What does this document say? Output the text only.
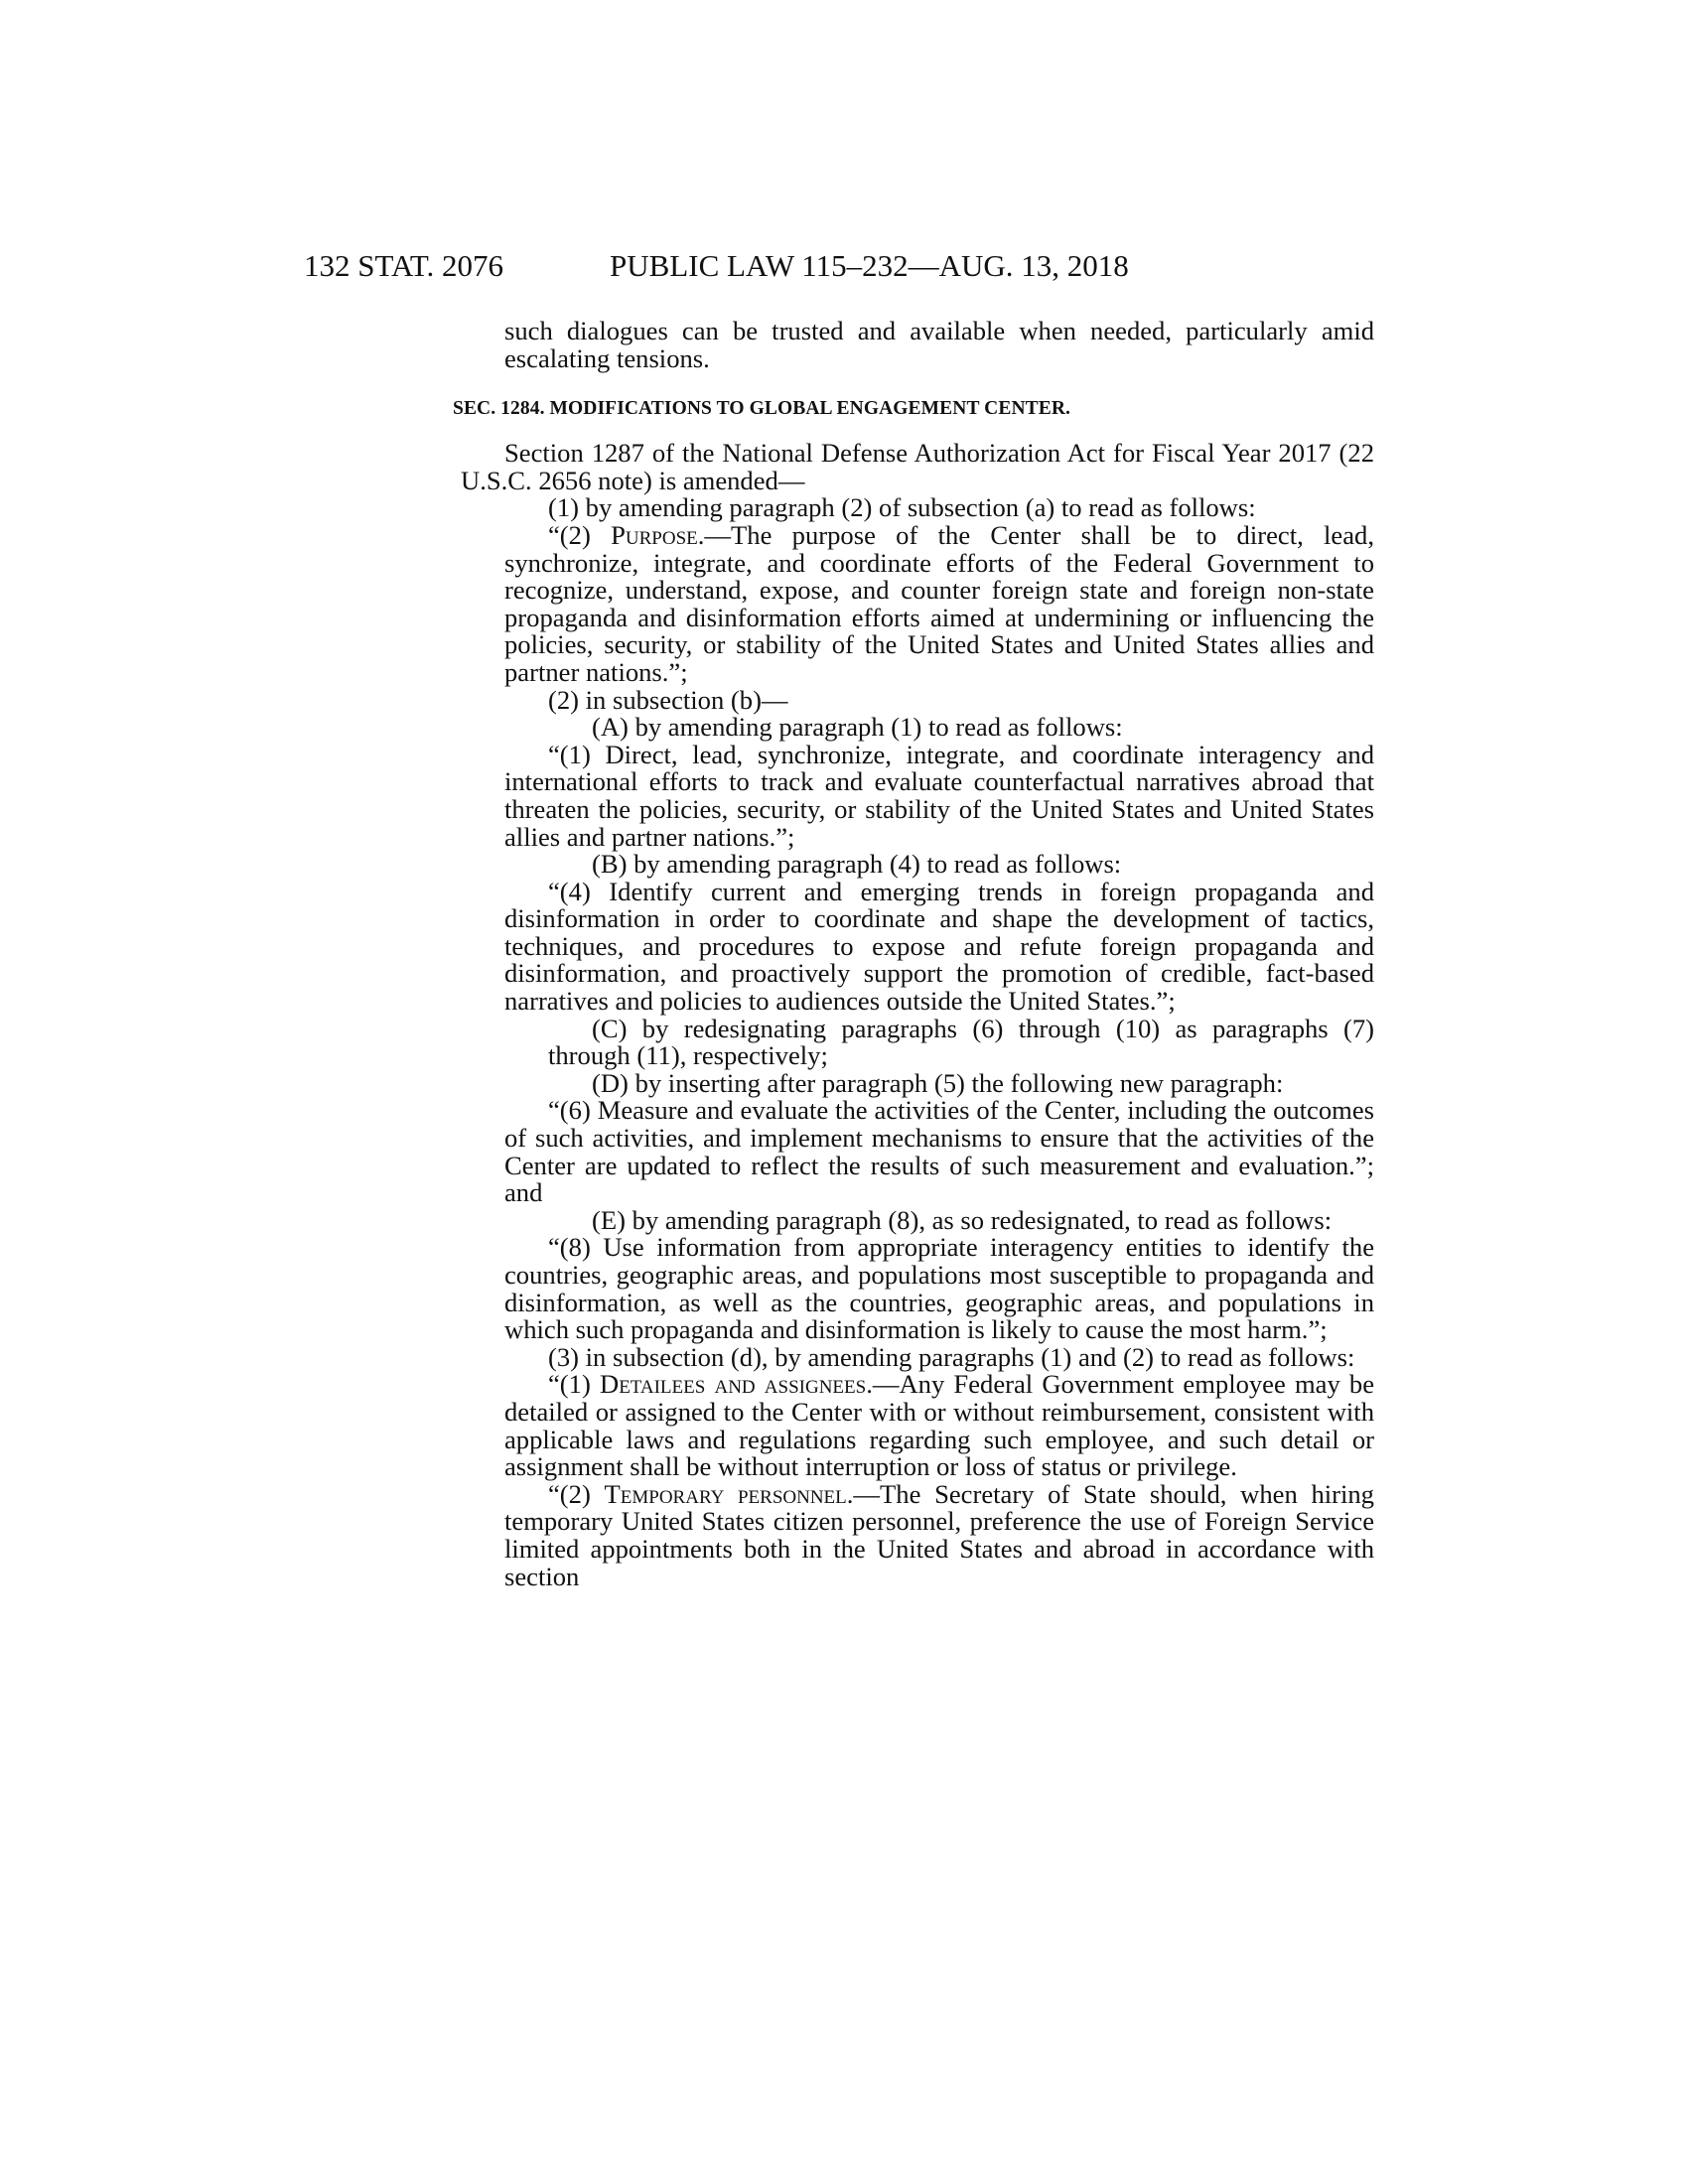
132 STAT. 2076	PUBLIC LAW 115–232—AUG. 13, 2018

such dialogues can be trusted and available when needed, particularly amid escalating tensions.

SEC. 1284. MODIFICATIONS TO GLOBAL ENGAGEMENT CENTER.

Section 1287 of the National Defense Authorization Act for Fiscal Year 2017 (22 U.S.C. 2656 note) is amended—

(1) by amending paragraph (2) of subsection (a) to read as follows:

“(2) Purpose.—The purpose of the Center shall be to direct, lead, synchronize, integrate, and coordinate efforts of the Federal Government to recognize, understand, expose, and counter foreign state and foreign non-state propaganda and disinformation efforts aimed at undermining or influencing the policies, security, or stability of the United States and United States allies and partner nations.”;

(2) in subsection (b)—

(A) by amending paragraph (1) to read as follows:

“(1) Direct, lead, synchronize, integrate, and coordinate interagency and international efforts to track and evaluate counterfactual narratives abroad that threaten the policies, security, or stability of the United States and United States allies and partner nations.”;

(B) by amending paragraph (4) to read as follows:

“(4) Identify current and emerging trends in foreign propaganda and disinformation in order to coordinate and shape the development of tactics, techniques, and procedures to expose and refute foreign propaganda and disinformation, and proactively support the promotion of credible, fact-based narratives and policies to audiences outside the United States.”;

(C) by redesignating paragraphs (6) through (10) as paragraphs (7) through (11), respectively;

(D) by inserting after paragraph (5) the following new paragraph:

“(6) Measure and evaluate the activities of the Center, including the outcomes of such activities, and implement mechanisms to ensure that the activities of the Center are updated to reflect the results of such measurement and evaluation.”; and

(E) by amending paragraph (8), as so redesignated, to read as follows:

“(8) Use information from appropriate interagency entities to identify the countries, geographic areas, and populations most susceptible to propaganda and disinformation, as well as the countries, geographic areas, and populations in which such propaganda and disinformation is likely to cause the most harm.”;

(3) in subsection (d), by amending paragraphs (1) and (2) to read as follows:

“(1) Detailees and assignees.—Any Federal Government employee may be detailed or assigned to the Center with or without reimbursement, consistent with applicable laws and regulations regarding such employee, and such detail or assignment shall be without interruption or loss of status or privilege.

“(2) Temporary personnel.—The Secretary of State should, when hiring temporary United States citizen personnel, preference the use of Foreign Service limited appointments both in the United States and abroad in accordance with section
